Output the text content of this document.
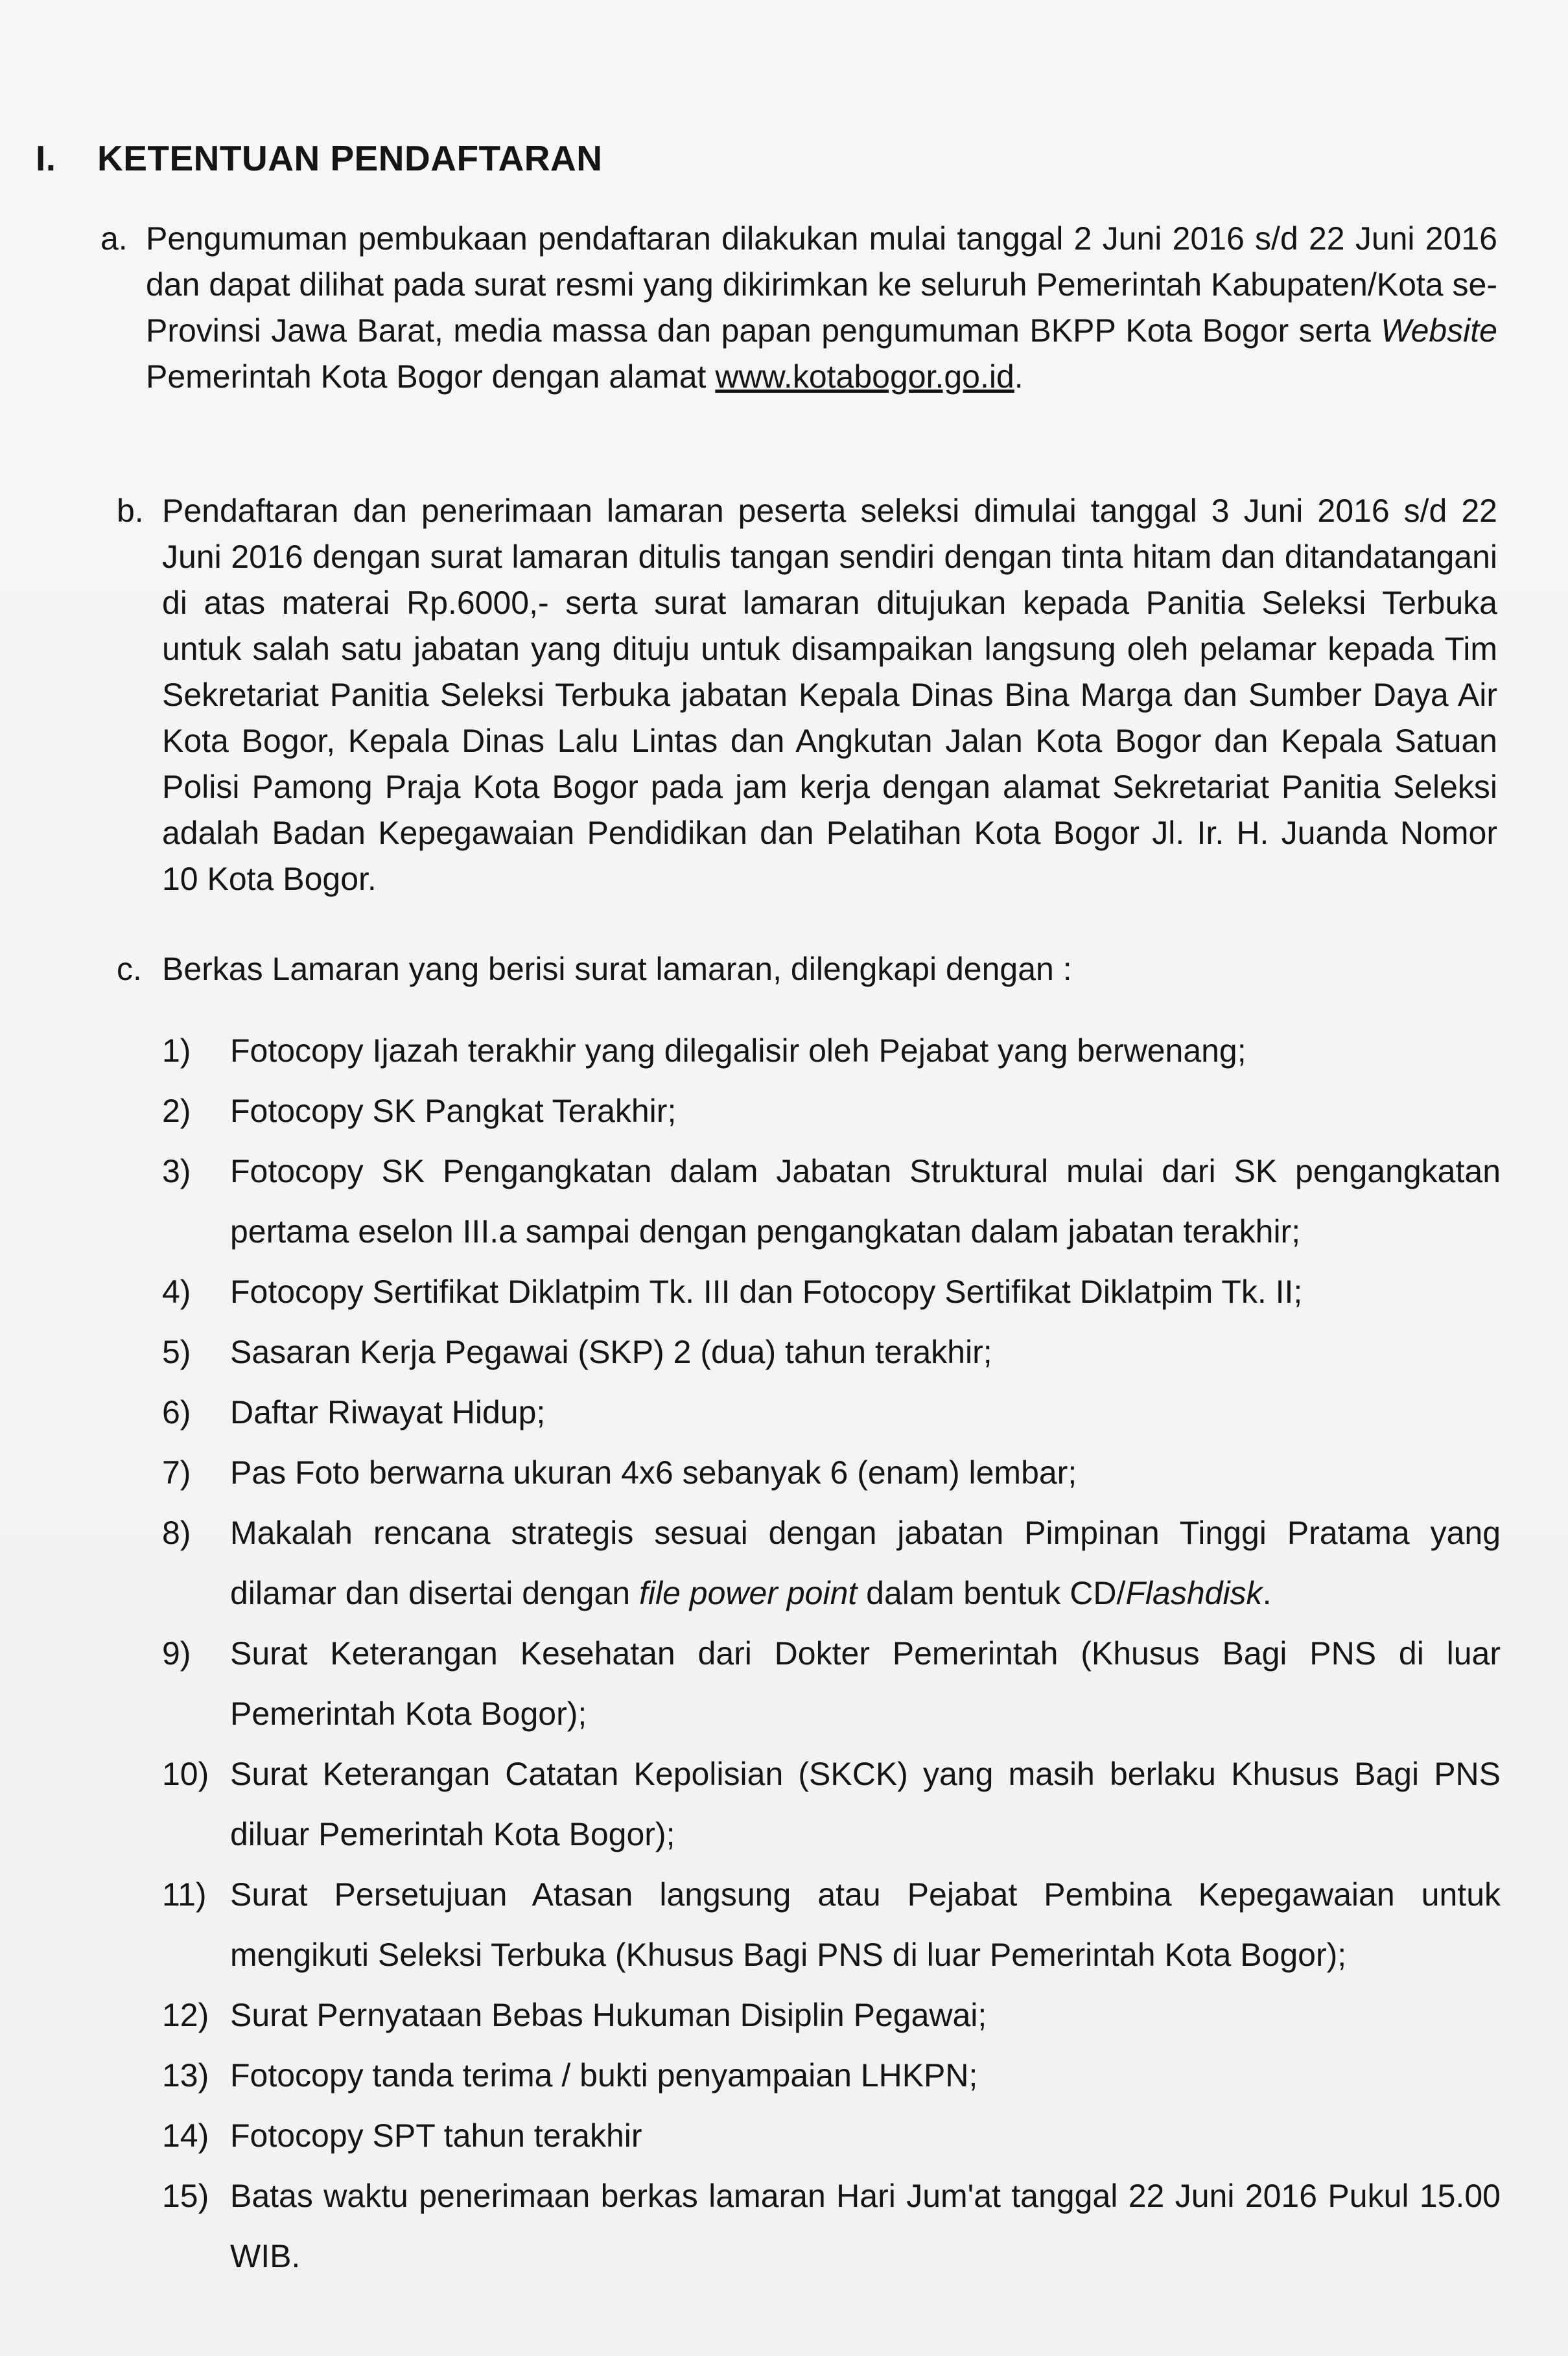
I. KETENTUAN PENDAFTARAN
a. Pengumuman pembukaan pendaftaran dilakukan mulai tanggal 2 Juni 2016 s/d 22 Juni 2016 dan dapat dilihat pada surat resmi yang dikirimkan ke seluruh Pemerintah Kabupaten/Kota se- Provinsi Jawa Barat, media massa dan papan pengumuman BKPP Kota Bogor serta Website Pemerintah Kota Bogor dengan alamat www.kotabogor.go.id.
b. Pendaftaran dan penerimaan lamaran peserta seleksi dimulai tanggal 3 Juni 2016 s/d 22 Juni 2016 dengan surat lamaran ditulis tangan sendiri dengan tinta hitam dan ditandatangani di atas materai Rp.6000,- serta surat lamaran ditujukan kepada Panitia Seleksi Terbuka untuk salah satu jabatan yang dituju untuk disampaikan langsung oleh pelamar kepada Tim Sekretariat Panitia Seleksi Terbuka jabatan Kepala Dinas Bina Marga dan Sumber Daya Air Kota Bogor, Kepala Dinas Lalu Lintas dan Angkutan Jalan Kota Bogor dan Kepala Satuan Polisi Pamong Praja Kota Bogor pada jam kerja dengan alamat Sekretariat Panitia Seleksi adalah Badan Kepegawaian Pendidikan dan Pelatihan Kota Bogor Jl. Ir. H. Juanda Nomor 10 Kota Bogor.
c. Berkas Lamaran yang berisi surat lamaran, dilengkapi dengan :
1) Fotocopy Ijazah terakhir yang dilegalisir oleh Pejabat yang berwenang;
2) Fotocopy SK Pangkat Terakhir;
3) Fotocopy SK Pengangkatan dalam Jabatan Struktural mulai dari SK pengangkatan pertama eselon III.a sampai dengan pengangkatan dalam jabatan terakhir;
4) Fotocopy Sertifikat Diklatpim Tk. III dan Fotocopy Sertifikat Diklatpim Tk. II;
5) Sasaran Kerja Pegawai (SKP) 2 (dua) tahun terakhir;
6) Daftar Riwayat Hidup;
7) Pas Foto berwarna ukuran 4x6 sebanyak 6 (enam) lembar;
8) Makalah rencana strategis sesuai dengan jabatan Pimpinan Tinggi Pratama yang dilamar dan disertai dengan file power point dalam bentuk CD/Flashdisk.
9) Surat Keterangan Kesehatan dari Dokter Pemerintah (Khusus Bagi PNS di luar Pemerintah Kota Bogor);
10) Surat Keterangan Catatan Kepolisian (SKCK) yang masih berlaku Khusus Bagi PNS diluar Pemerintah Kota Bogor);
11) Surat Persetujuan Atasan langsung atau Pejabat Pembina Kepegawaian untuk mengikuti Seleksi Terbuka (Khusus Bagi PNS di luar Pemerintah Kota Bogor);
12) Surat Pernyataan Bebas Hukuman Disiplin Pegawai;
13) Fotocopy tanda terima / bukti penyampaian LHKPN;
14) Fotocopy SPT tahun terakhir
15) Batas waktu penerimaan berkas lamaran Hari Jum'at tanggal 22 Juni 2016 Pukul 15.00 WIB.
